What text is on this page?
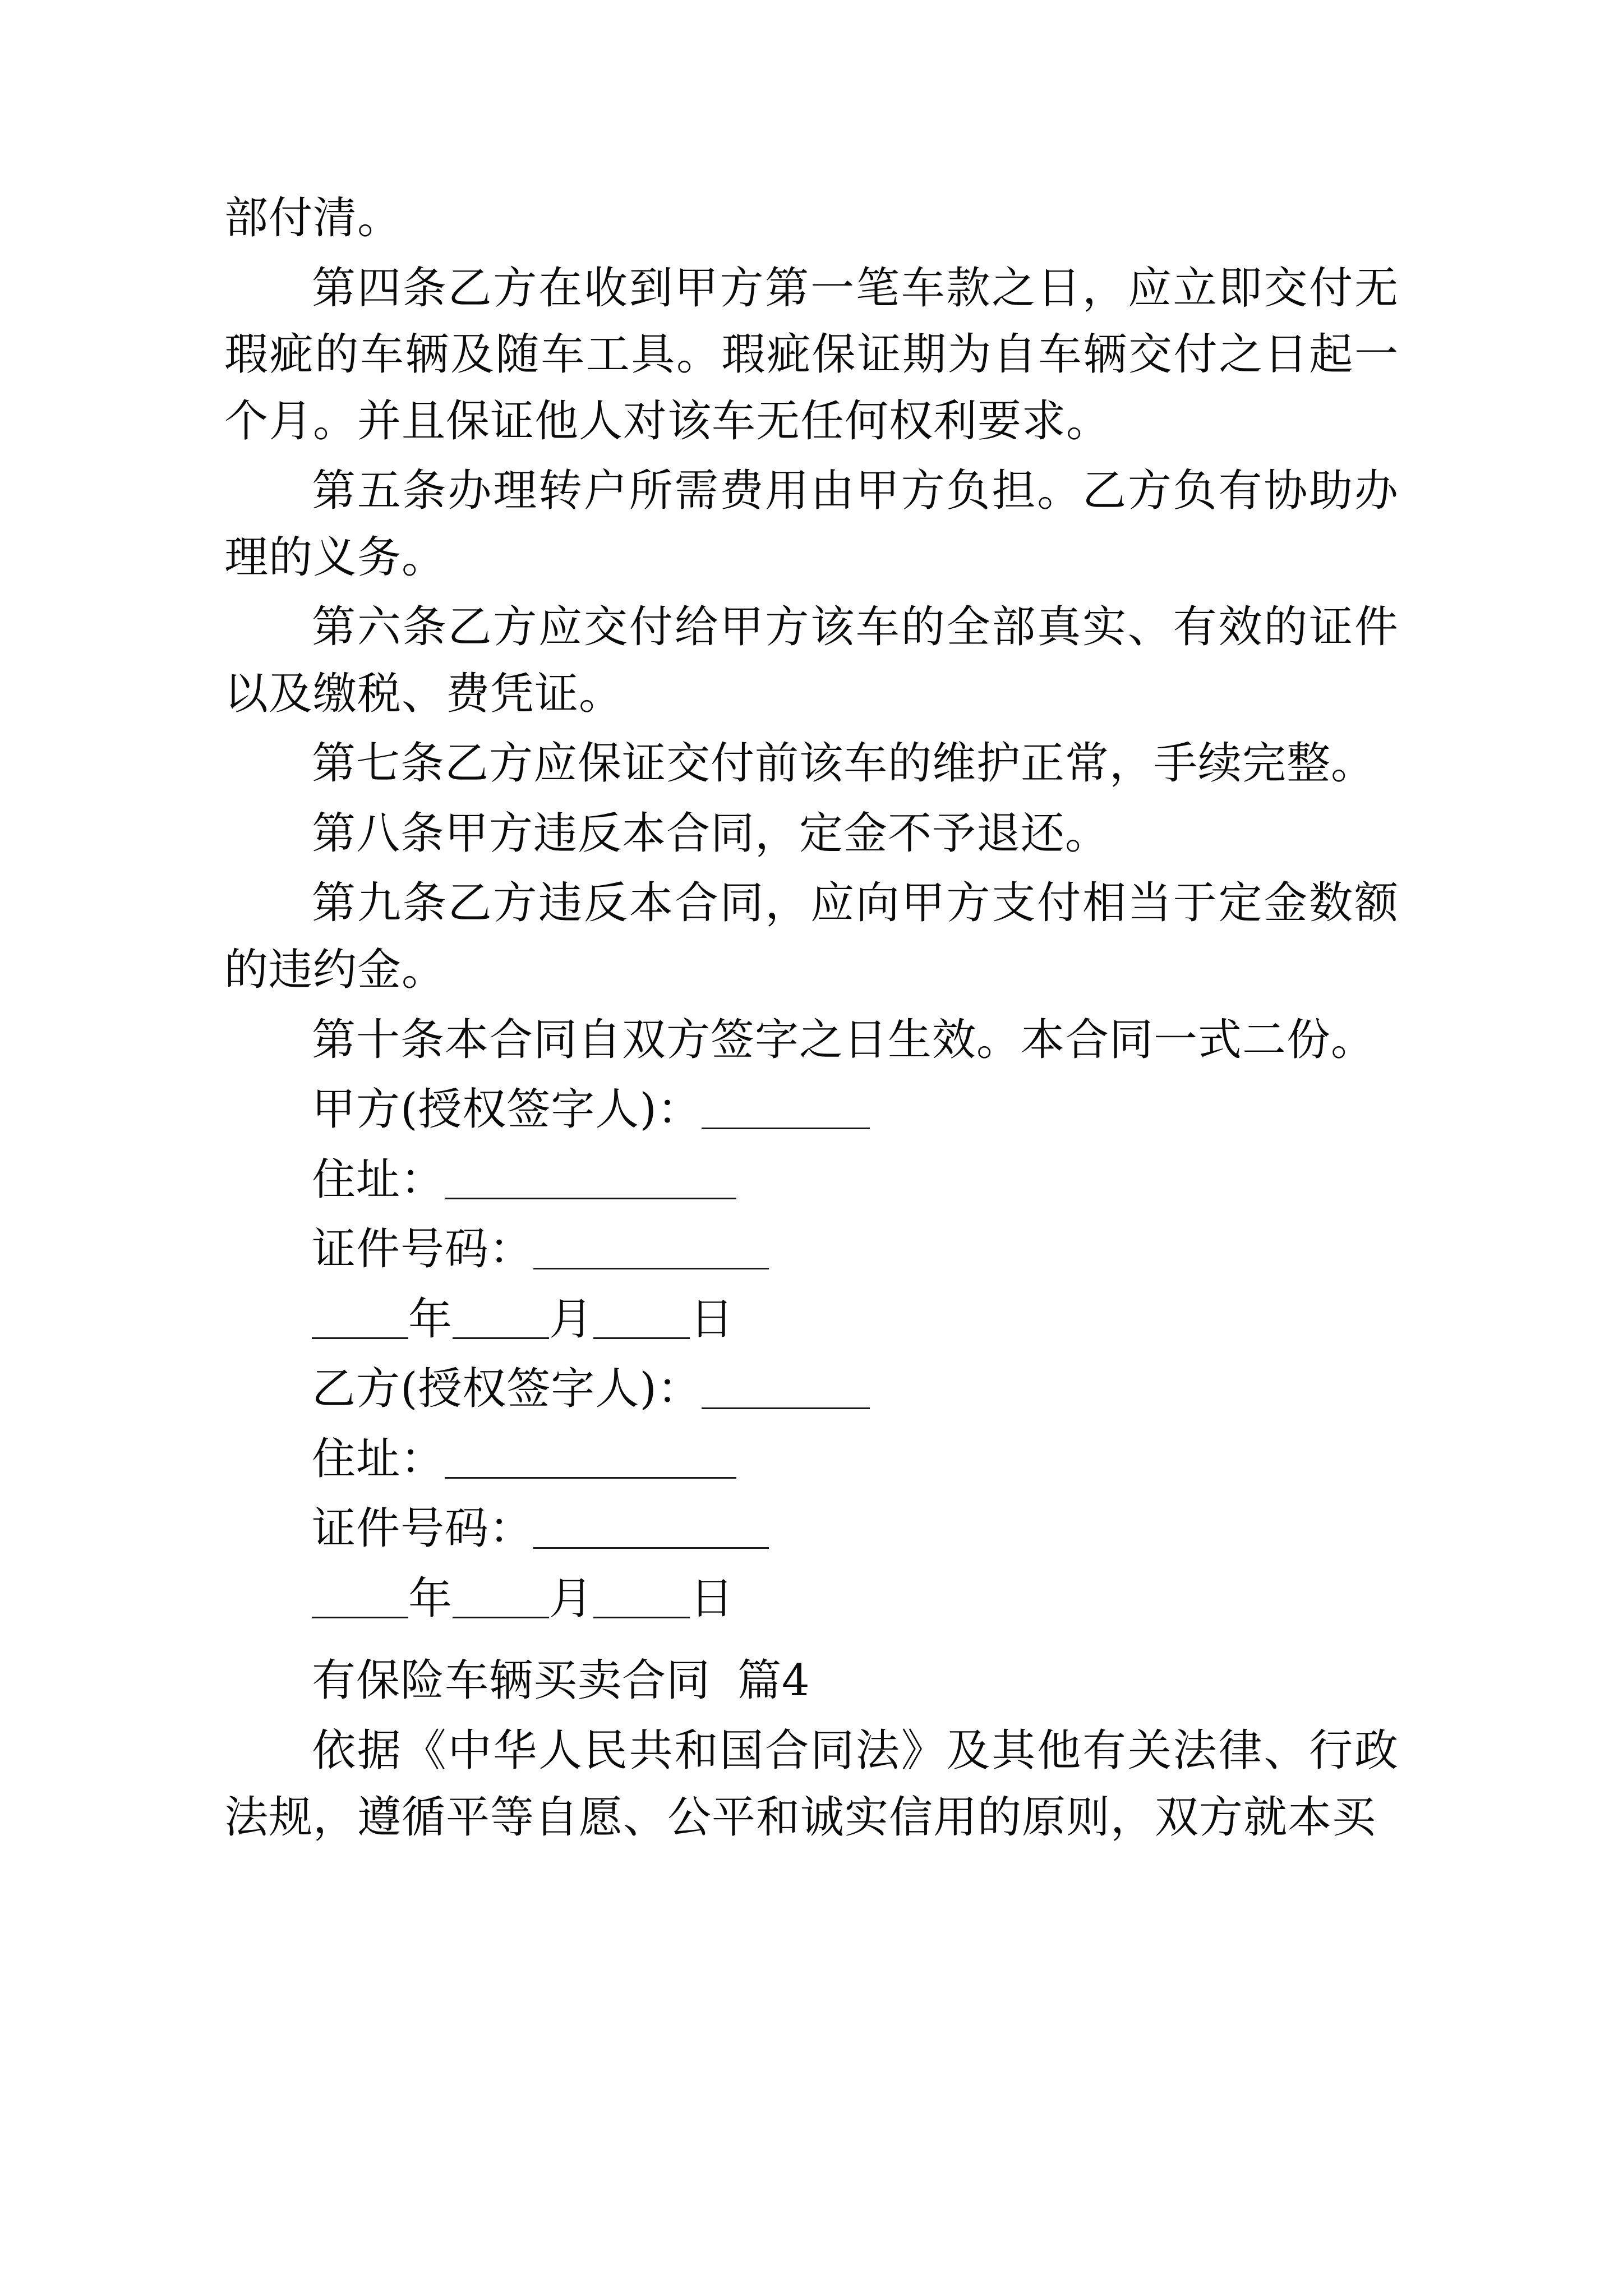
部付清。

第四条乙方在收到甲方第一笔车款之日，应立即交付无瑕疵的车辆及随车工具。瑕疵保证期为自车辆交付之日起一个月。并且保证他人对该车无任何权利要求。

第五条办理转户所需费用由甲方负担。乙方负有协助办理的义务。

第六条乙方应交付给甲方该车的全部真实、有效的证件以及缴税、费凭证。

第七条乙方应保证交付前该车的维护正常，手续完整。

第八条甲方违反本合同，定金不予退还。

第九条乙方违反本合同，应向甲方支付相当于定金数额的违约金。

第十条本合同自双方签字之日生效。本合同一式二份。

甲方(授权签字人)：

住址：

证件号码：

年 月 日

乙方(授权签字人)：

住址：

证件号码：

年 月 日

有保险车辆买卖合同 篇4

依据《中华人民共和国合同法》及其他有关法律、行政法规，遵循平等自愿、公平和诚实信用的原则，双方就本买
